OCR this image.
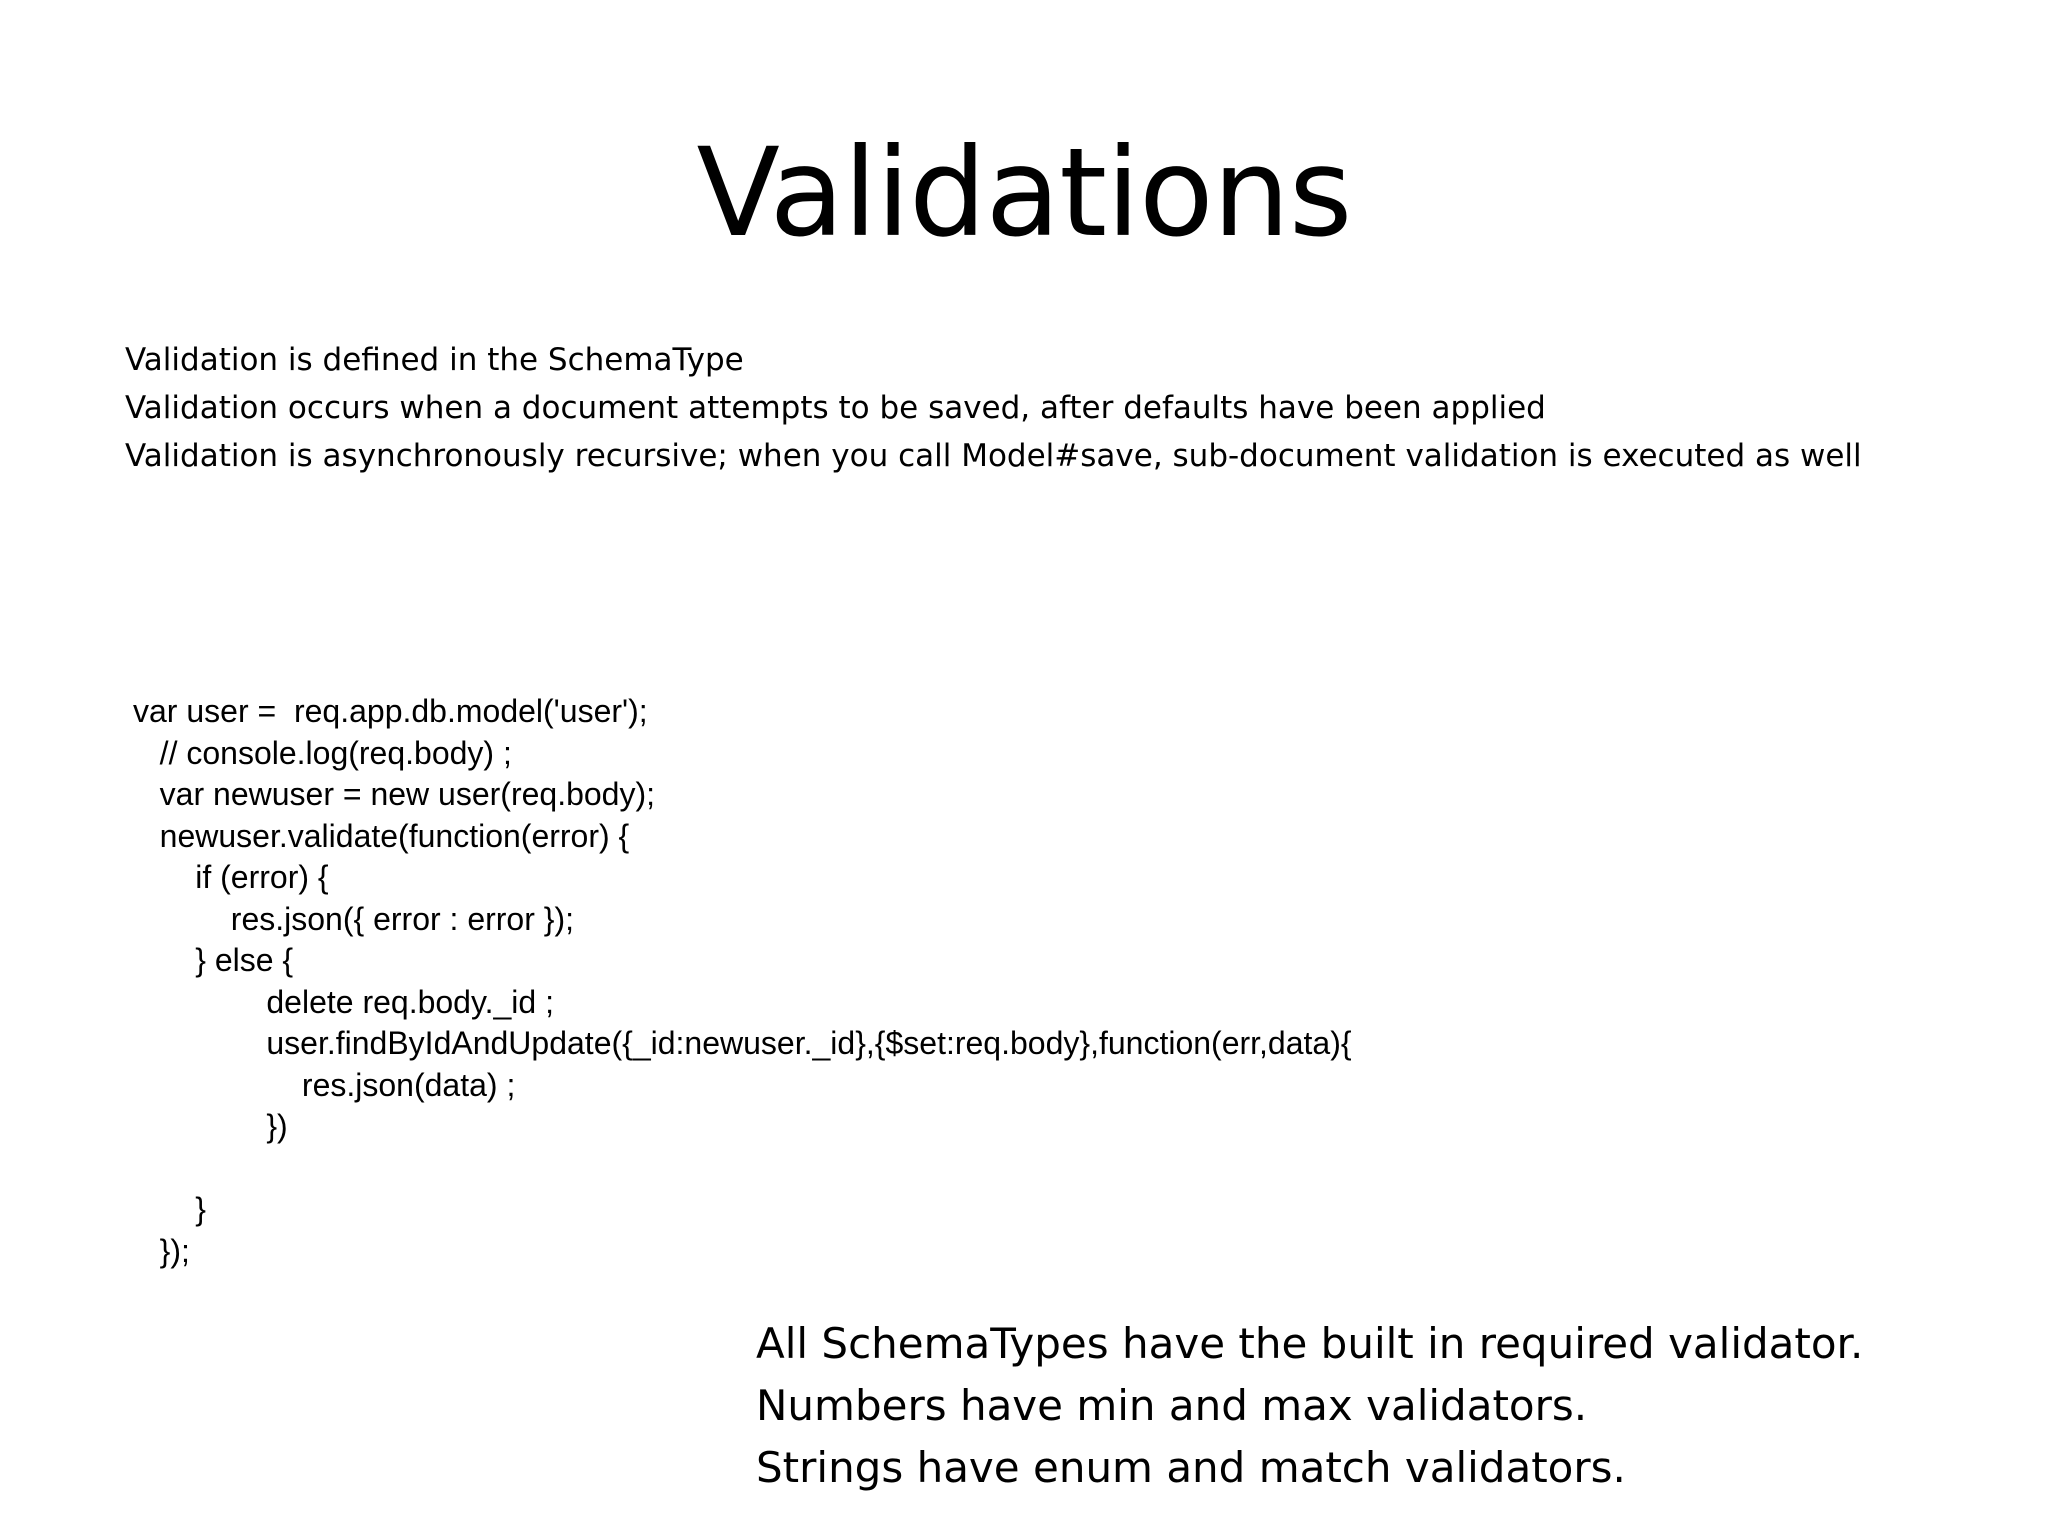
Validations
Validation is defined in the SchemaType
Validation occurs when a document attempts to be saved, after defaults have been applied
Validation is asynchronously recursive; when you call Model#save, sub-document validation is executed as well
var user =  req.app.db.model('user');
// console.log(req.body) ;
var newuser = new user(req.body);
newuser.validate(function(error) {
if (error) {
res.json({ error : error });
} else {
delete req.body._id ;
user.findByIdAndUpdate({_id:newuser._id},{$set:req.body},function(err,data){
res.json(data) ;
})
}
});
All SchemaTypes have the built in required validator.
Numbers have min and max validators.
Strings have enum and match validators.
